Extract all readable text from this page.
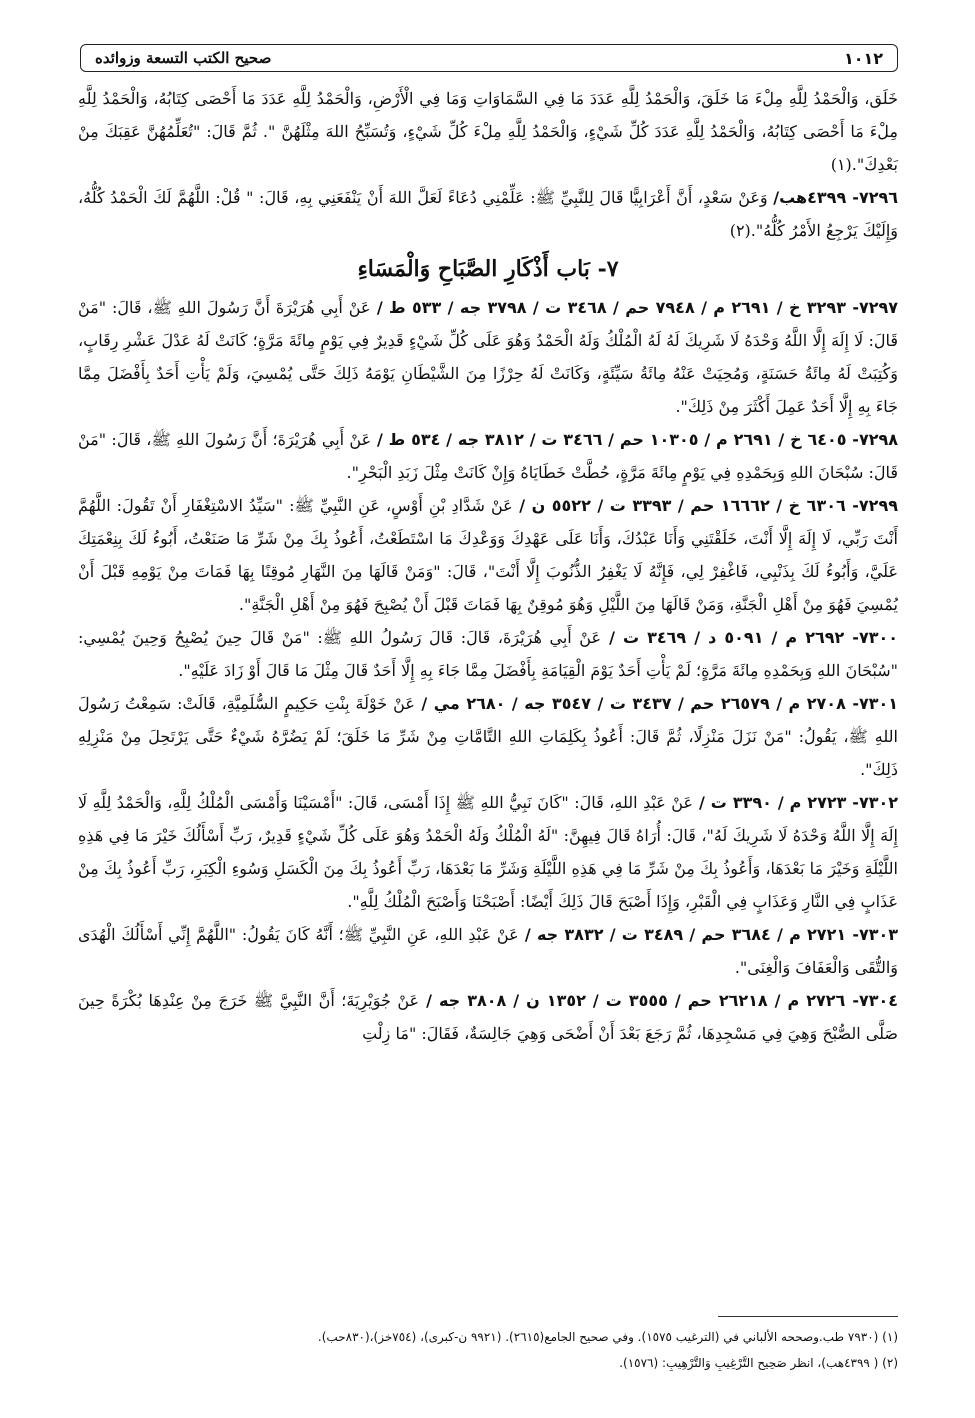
١٠١٢
صحيح الكتب التسعة وزوائده

خَلَق، وَالْحَمْدُ لِلَّهِ مِلْءَ مَا خَلَقَ، وَالْحَمْدُ لِلَّهِ عَدَدَ مَا فِي السَّمَاوَاتِ وَمَا فِي الْأَرْضِ، وَالْحَمْدُ لِلَّهِ عَدَدَ مَا أَحْصَى كِتَابُهُ، وَالْحَمْدُ لِلَّهِ مِلْءَ مَا أَحْصَى كِتَابُهُ، وَالْحَمْدُ لِلَّهِ عَدَدَ كُلِّ شَيْءٍ، وَالْحَمْدُ لِلَّهِ مِلْءَ كُلِّ شَيْءٍ، وَتُسَبِّحُ اللهَ مِثْلَهُنَّ ". ثُمَّ قَالَ: "تُعَلِّمُهُنَّ عَقِبَكَ مِنْ بَعْدِكَ".(١)

٧٢٩٦- ٤٣٩٩هب/ وَعَنْ سَعْدٍ، أَنَّ أَعْرَابِيًّا قَالَ لِلنَّبِيِّ ﷺ: عَلِّمْنِي دُعَاءً لَعَلَّ اللهَ أَنْ يَنْفَعَنِي بِهِ، قَالَ: " قُلْ: اللَّهُمَّ لَكَ الْحَمْدُ كُلُّهُ، وَإِلَيْكَ يَرْجِعُ الأَمْرُ كُلُّهُ".(٢)

٧- بَاب أَذْكَارِ الصَّبَاحِ وَالْمَسَاءِ

٧٢٩٧- ٣٢٩٣ خ / ٢٦٩١ م / ٧٩٤٨ حم / ٣٤٦٨ ت / ٣٧٩٨ جه / ٥٣٣ ط / عَنْ أَبِي هُرَيْرَةَ أَنَّ رَسُولَ اللهِ ﷺ، قَالَ: "مَنْ قَالَ: لَا إِلَهَ إِلَّا اللَّهُ وَحْدَهُ لَا شَرِيكَ لَهُ لَهُ الْمُلْكُ وَلَهُ الْحَمْدُ وَهُوَ عَلَى كُلِّ شَيْءٍ قَدِيرٌ فِي يَوْمٍ مِائَةَ مَرَّةٍ؛ كَانَتْ لَهُ عَدْلَ عَشْرِ رِقَابٍ، وَكُتِبَتْ لَهُ مِائَةُ حَسَنَةٍ، وَمُحِيَتْ عَنْهُ مِائَةُ سَيِّئَةٍ، وَكَانَتْ لَهُ حِرْزًا مِنَ الشَّيْطَانِ يَوْمَهُ ذَلِكَ حَتَّى يُمْسِيَ، وَلَمْ يَأْتِ أَحَدٌ بِأَفْضَلَ مِمَّا جَاءَ بِهِ إِلَّا أَحَدٌ عَمِلَ أَكْثَرَ مِنْ ذَلِكَ".

٧٢٩٨- ٦٤٠٥ خ / ٢٦٩١ م / ١٠٣٠٥ حم / ٣٤٦٦ ت / ٣٨١٢ جه / ٥٣٤ ط / عَنْ أَبِي هُرَيْرَةَ؛ أَنَّ رَسُولَ اللهِ ﷺ، قَالَ: "مَنْ قَالَ: سُبْحَانَ اللهِ وَبِحَمْدِهِ فِي يَوْمٍ مِائَةَ مَرَّةٍ، حُطَّتْ خَطَايَاهُ وَإِنْ كَانَتْ مِثْلَ زَبَدِ الْبَحْرِ".

٧٢٩٩- ٦٣٠٦ خ / ١٦٦٦٢ حم / ٣٣٩٣ ت / ٥٥٢٢ ن / عَنْ شَدَّادِ بْنِ أَوْسٍ، عَنِ النَّبِيِّ ﷺ: "سَيِّدُ الاسْتِغْفَارِ أَنْ تَقُولَ: اللَّهُمَّ أَنْتَ رَبِّي، لَا إِلَهَ إِلَّا أَنْتَ، خَلَقْتَنِي وَأَنَا عَبْدُكَ، وَأَنَا عَلَى عَهْدِكَ وَوَعْدِكَ مَا اسْتَطَعْتُ، أَعُوذُ بِكَ مِنْ شَرِّ مَا صَنَعْتُ، أَبُوءُ لَكَ بِنِعْمَتِكَ عَلَيَّ، وَأَبُوءُ لَكَ بِذَنْبِي، فَاغْفِرْ لِي، فَإِنَّهُ لَا يَغْفِرُ الذُّنُوبَ إِلَّا أَنْتَ"، قَالَ: "وَمَنْ قَالَهَا مِنَ النَّهَارِ مُوقِنًا بِهَا فَمَاتَ مِنْ يَوْمِهِ قَبْلَ أَنْ يُمْسِيَ فَهُوَ مِنْ أَهْلِ الْجَنَّةِ، وَمَنْ قَالَهَا مِنَ اللَّيْلِ وَهُوَ مُوقِنٌ بِهَا فَمَاتَ قَبْلَ أَنْ يُصْبِحَ فَهُوَ مِنْ أَهْلِ الْجَنَّةِ".

٧٣٠٠- ٢٦٩٢ م / ٥٠٩١ د / ٣٤٦٩ ت / عَنْ أَبِي هُرَيْرَةَ، قَالَ: قَالَ رَسُولُ اللهِ ﷺ: "مَنْ قَالَ حِينَ يُصْبِحُ وَحِينَ يُمْسِي: "سُبْحَانَ اللهِ وَبِحَمْدِهِ مِائَةَ مَرَّةٍ؛ لَمْ يَأْتِ أَحَدٌ يَوْمَ الْقِيَامَةِ بِأَفْضَلَ مِمَّا جَاءَ بِهِ إِلَّا أَحَدٌ قَالَ مِثْلَ مَا قَالَ أَوْ زَادَ عَلَيْهِ".

٧٣٠١- ٢٧٠٨ م / ٢٦٥٧٩ حم / ٣٤٣٧ ت / ٣٥٤٧ جه / ٢٦٨٠ مي / عَنْ خَوْلَةَ بِنْتِ حَكِيمٍ السُّلَمِيَّةِ، قَالَتْ: سَمِعْتُ رَسُولَ اللهِ ﷺ، يَقُولُ: "مَنْ نَزَلَ مَنْزِلًا، ثُمَّ قَالَ: أَعُوذُ بِكَلِمَاتِ اللهِ التَّامَّاتِ مِنْ شَرِّ مَا خَلَقَ؛ لَمْ يَضُرَّهُ شَيْءٌ حَتَّى يَرْتَحِلَ مِنْ مَنْزِلِهِ ذَلِكَ".

٧٣٠٢- ٢٧٢٣ م / ٣٣٩٠ ت / عَنْ عَبْدِ اللهِ، قَالَ: "كَانَ نَبِيُّ اللهِ ﷺ إِذَا أَمْسَى، قَالَ: "أَمْسَيْنَا وَأَمْسَى الْمُلْكُ لِلَّهِ، وَالْحَمْدُ لِلَّهِ لَا إِلَهَ إِلَّا اللَّهُ وَحْدَهُ لَا شَرِيكَ لَهُ"، قَالَ: أُرَاهُ قَالَ فِيهِنَّ: "لَهُ الْمُلْكُ وَلَهُ الْحَمْدُ وَهُوَ عَلَى كُلِّ شَيْءٍ قَدِيرٌ، رَبِّ أَسْأَلُكَ خَيْرَ مَا فِي هَذِهِ اللَّيْلَةِ وَخَيْرَ مَا بَعْدَهَا، وَأَعُوذُ بِكَ مِنْ شَرِّ مَا فِي هَذِهِ اللَّيْلَةِ وَشَرِّ مَا بَعْدَهَا، رَبِّ أَعُوذُ بِكَ مِنَ الْكَسَلِ وَسُوءِ الْكِبَرِ، رَبِّ أَعُوذُ بِكَ مِنْ عَذَابٍ فِي النَّارِ وَعَذَابٍ فِي الْقَبْرِ، وَإِذَا أَصْبَحَ قَالَ ذَلِكَ أَيْضًا: أَصْبَحْنَا وَأَصْبَحَ الْمُلْكُ لِلَّهِ".

٧٣٠٣- ٢٧٢١ م / ٣٦٨٤ حم / ٣٤٨٩ ت / ٣٨٣٢ جه / عَنْ عَبْدِ اللهِ، عَنِ النَّبِيِّ ﷺ؛ أَنَّهُ كَانَ يَقُولُ: "اللَّهُمَّ إِنِّي أَسْأَلُكَ الْهُدَى وَالتُّقَى وَالْعَفَافَ وَالْغِنَى".

٧٣٠٤- ٢٧٢٦ م / ٢٦٢١٨ حم / ٣٥٥٥ ت / ١٣٥٢ ن / ٣٨٠٨ جه / عَنْ جُوَيْرِيَةَ؛ أَنَّ النَّبِيَّ ﷺ خَرَجَ مِنْ عِنْدِهَا بُكْرَةً حِينَ صَلَّى الصُّبْحَ وَهِيَ فِي مَسْجِدِهَا، ثُمَّ رَجَعَ بَعْدَ أَنْ أَضْحَى وَهِيَ جَالِسَةٌ، فَقَالَ: "مَا زِلْتِ

(١) (٧٩٣٠ طب.وصححه الألباني في (الترغيب ١٥٧٥). وفي صحيح الجامع(٢٦١٥). (٩٩٢١ ن-كبرى)، (٧٥٤خز)،(٨٣٠حب).

(٢) ( ٤٣٩٩هب)، انظر صَحِيح التَّرْغِيبِ وَالتَّرْهِيبِ: (١٥٧٦).
